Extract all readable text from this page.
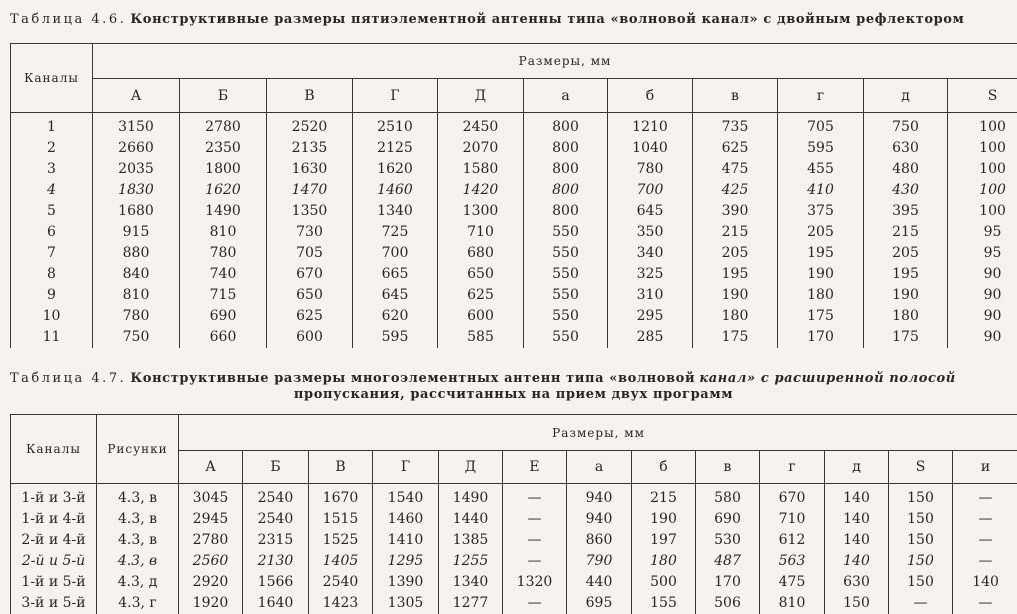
Таблица 4.6. Конструктивные размеры пятиэлементной антенны типа «волновой канал» с двойным рефлектором
Каналы	Размеры, мм										
	А	Б	В	Г	Д	а	б	в	г	д	S
1	3150	2780	2520	2510	2450	800	1210	735	705	750	100
2	2660	2350	2135	2125	2070	800	1040	625	595	630	100
3	2035	1800	1630	1620	1580	800	780	475	455	480	100
4	1830	1620	1470	1460	1420	800	700	425	410	430	100
5	1680	1490	1350	1340	1300	800	645	390	375	395	100
6	915	810	730	725	710	550	350	215	205	215	95
7	880	780	705	700	680	550	340	205	195	205	95
8	840	740	670	665	650	550	325	195	190	195	90
9	810	715	650	645	625	550	310	190	180	190	90
10	780	690	625	620	600	550	295	180	175	180	90
11	750	660	600	595	585	550	285	175	170	175	90
Таблица 4.7. Конструктивные размеры многоэлементных антенн типа «волновой канал» с расширенной полосой
пропускания, рассчитанных на прием двух программ
Каналы	Рисунки	Размеры, мм												
		А	Б	В	Г	Д	Е	а	б	в	г	д	S	и
1-й и 3-й	4.3, в	3045	2540	1670	1540	1490	—	940	215	580	670	140	150	—
1-й и 4-й	4.3, в	2945	2540	1515	1460	1440	—	940	190	690	710	140	150	—
2-й и 4-й	4.3, в	2780	2315	1525	1410	1385	—	860	197	530	612	140	150	—
2-й и 5-й	4.3, в	2560	2130	1405	1295	1255	—	790	180	487	563	140	150	—
1-й и 5-й	4.3, д	2920	1566	2540	1390	1340	1320	440	500	170	475	630	150	140
3-й и 5-й	4.3, г	1920	1640	1423	1305	1277	—	695	155	506	810	150	—	—
